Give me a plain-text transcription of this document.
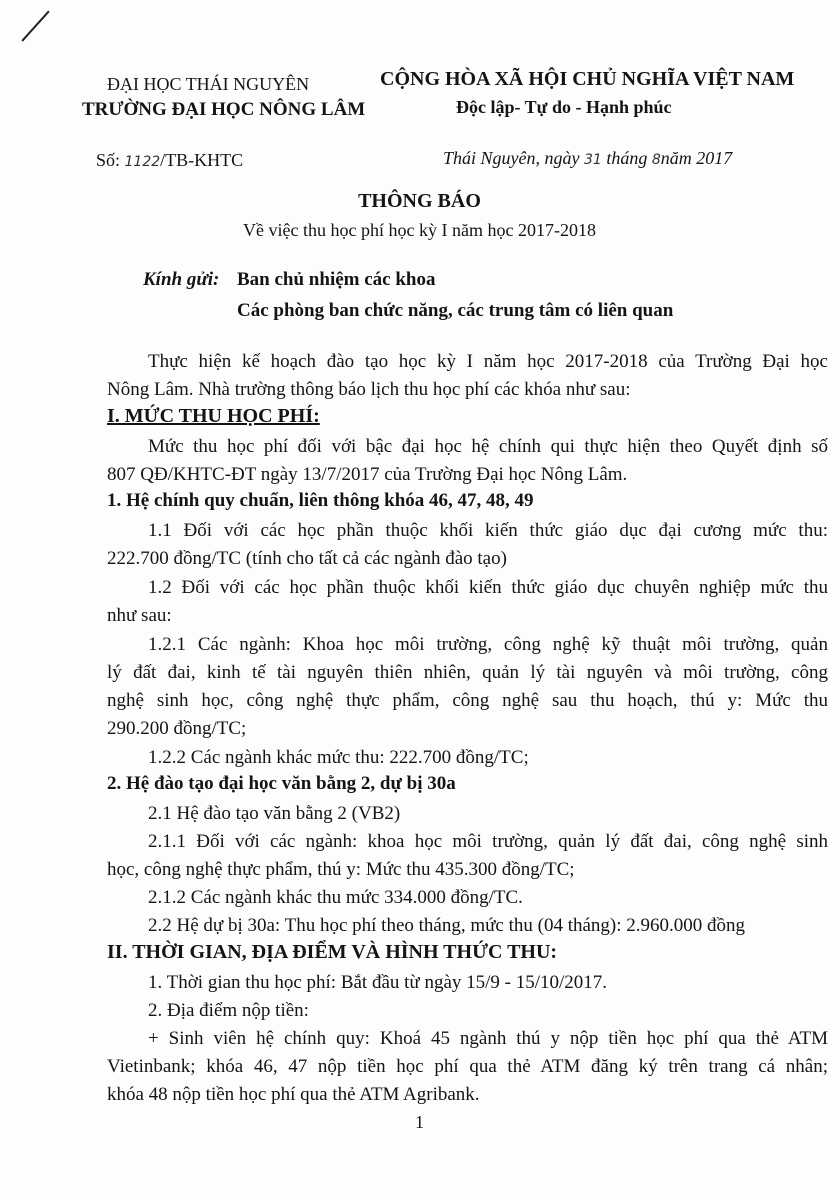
ĐẠI HỌC THÁI NGUYÊN
TRƯỜNG ĐẠI HỌC NÔNG LÂM
CỘNG HÒA XÃ HỘI CHỦ NGHĨA VIỆT NAM
Độc lập- Tự do - Hạnh phúc
Số: 1122/TB-KHTC	Thái Nguyên, ngày 31 tháng 8năm 2017
THÔNG BÁO
Về việc thu học phí học kỳ I năm học 2017-2018
Kính gửi: Ban chủ nhiệm các khoa
Các phòng ban chức năng, các trung tâm có liên quan
Thực hiện kế hoạch đào tạo học kỳ I năm học 2017-2018 của Trường Đại học
Nông Lâm. Nhà trường thông báo lịch thu học phí các khóa như sau:
I. MỨC THU HỌC PHÍ:
Mức thu học phí đối với bậc đại học hệ chính qui thực hiện theo Quyết định số
807 QĐ/KHTC-ĐT ngày 13/7/2017 của Trường Đại học Nông Lâm.
1. Hệ chính quy chuẩn, liên thông khóa 46, 47, 48, 49
1.1 Đối với các học phần thuộc khối kiến thức giáo dục đại cương mức thu:
222.700 đồng/TC (tính cho tất cả các ngành đào tạo)
1.2 Đối với các học phần thuộc khối kiến thức giáo dục chuyên nghiệp mức thu
như sau:
1.2.1 Các ngành: Khoa học môi trường, công nghệ kỹ thuật môi trường, quản
lý đất đai, kinh tế tài nguyên thiên nhiên, quản lý tài nguyên và môi trường, công
nghệ sinh học, công nghệ thực phẩm, công nghệ sau thu hoạch, thú y: Mức thu
290.200 đồng/TC;
1.2.2 Các ngành khác mức thu: 222.700 đồng/TC;
2. Hệ đào tạo đại học văn bằng 2, dự bị 30a
2.1 Hệ đào tạo văn bằng 2 (VB2)
2.1.1 Đối với các ngành: khoa học môi trường, quản lý đất đai, công nghệ sinh
học, công nghệ thực phẩm, thú y: Mức thu 435.300 đồng/TC;
2.1.2 Các ngành khác thu mức 334.000 đồng/TC.
2.2 Hệ dự bị 30a: Thu học phí theo tháng, mức thu (04 tháng): 2.960.000 đồng
II. THỜI GIAN, ĐỊA ĐIỂM VÀ HÌNH THỨC THU:
1. Thời gian thu học phí: Bắt đầu từ ngày 15/9 - 15/10/2017.
2. Địa điểm nộp tiền:
+ Sinh viên hệ chính quy: Khoá 45 ngành thú y nộp tiền học phí qua thẻ ATM
Vietinbank; khóa 46, 47 nộp tiền học phí qua thẻ ATM đăng ký trên trang cá nhân;
khóa 48 nộp tiền học phí qua thẻ ATM Agribank.
1
